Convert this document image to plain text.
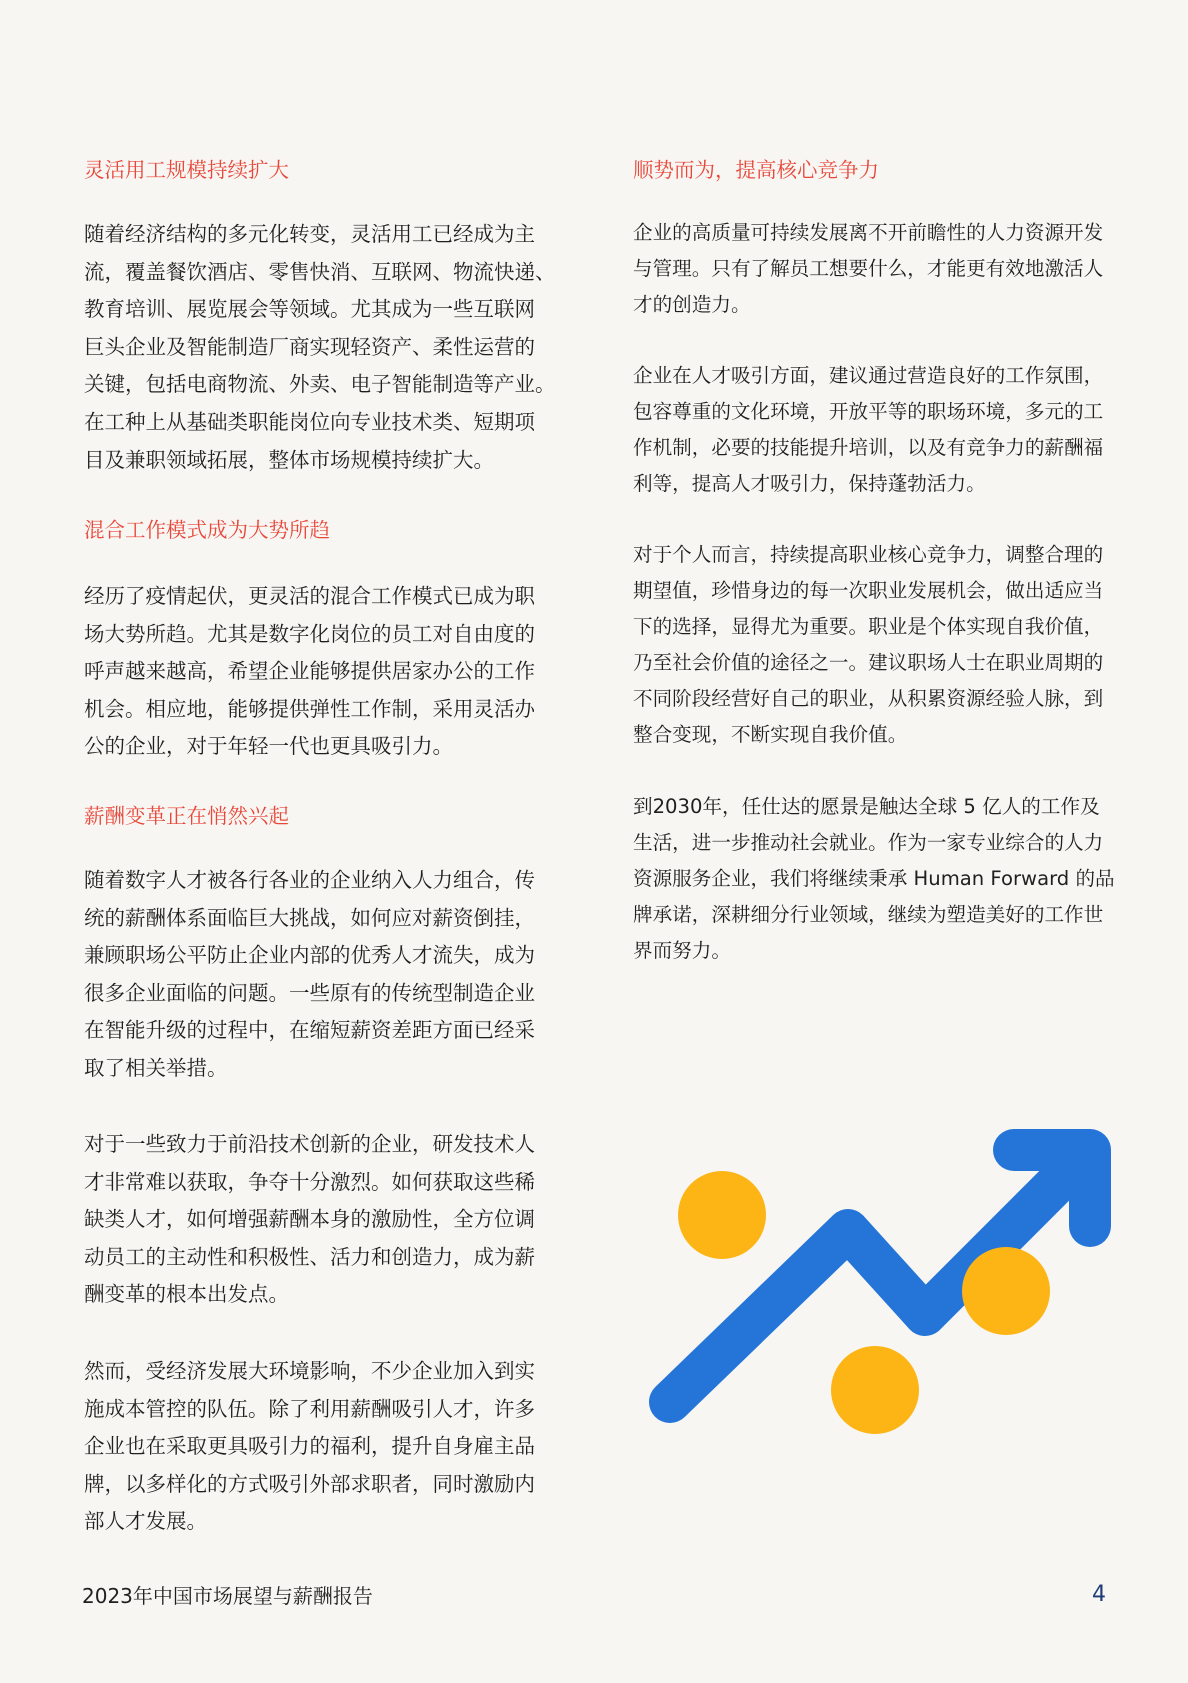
灵活用工规模持续扩大
随着经济结构的多元化转变，灵活用工已经成为主
流，覆盖餐饮酒店、零售快消、互联网、物流快递、
教育培训、展览展会等领域。尤其成为一些互联网
巨头企业及智能制造厂商实现轻资产、柔性运营的
关键，包括电商物流、外卖、电子智能制造等产业。
在工种上从基础类职能岗位向专业技术类、短期项
目及兼职领域拓展，整体市场规模持续扩大。
混合工作模式成为大势所趋
经历了疫情起伏，更灵活的混合工作模式已成为职
场大势所趋。尤其是数字化岗位的员工对自由度的
呼声越来越高，希望企业能够提供居家办公的工作
机会。相应地，能够提供弹性工作制，采用灵活办
公的企业，对于年轻一代也更具吸引力。
薪酬变革正在悄然兴起
随着数字人才被各行各业的企业纳入人力组合，传
统的薪酬体系面临巨大挑战，如何应对薪资倒挂，
兼顾职场公平防止企业内部的优秀人才流失，成为
很多企业面临的问题。一些原有的传统型制造企业
在智能升级的过程中，在缩短薪资差距方面已经采
取了相关举措。
对于一些致力于前沿技术创新的企业，研发技术人
才非常难以获取，争夺十分激烈。如何获取这些稀
缺类人才，如何增强薪酬本身的激励性，全方位调
动员工的主动性和积极性、活力和创造力，成为薪
酬变革的根本出发点。
然而，受经济发展大环境影响，不少企业加入到实
施成本管控的队伍。除了利用薪酬吸引人才，许多
企业也在采取更具吸引力的福利，提升自身雇主品
牌，以多样化的方式吸引外部求职者，同时激励内
部人才发展。
顺势而为，提高核心竞争力
企业的高质量可持续发展离不开前瞻性的人力资源开发
与管理。只有了解员工想要什么，才能更有效地激活人
才的创造力。
企业在人才吸引方面，建议通过营造良好的工作氛围，
包容尊重的文化环境，开放平等的职场环境，多元的工
作机制，必要的技能提升培训，以及有竞争力的薪酬福
利等，提高人才吸引力，保持蓬勃活力。
对于个人而言，持续提高职业核心竞争力，调整合理的
期望值，珍惜身边的每一次职业发展机会，做出适应当
下的选择，显得尤为重要。职业是个体实现自我价值，
乃至社会价值的途径之一。建议职场人士在职业周期的
不同阶段经营好自己的职业，从积累资源经验人脉，到
整合变现，不断实现自我价值。
到2030年，任仕达的愿景是触达全球 5 亿人的工作及
生活，进一步推动社会就业。作为一家专业综合的人力
资源服务企业，我们将继续秉承 Human Forward 的品
牌承诺，深耕细分行业领域，继续为塑造美好的工作世
界而努力。
2023年中国市场展望与薪酬报告	4
